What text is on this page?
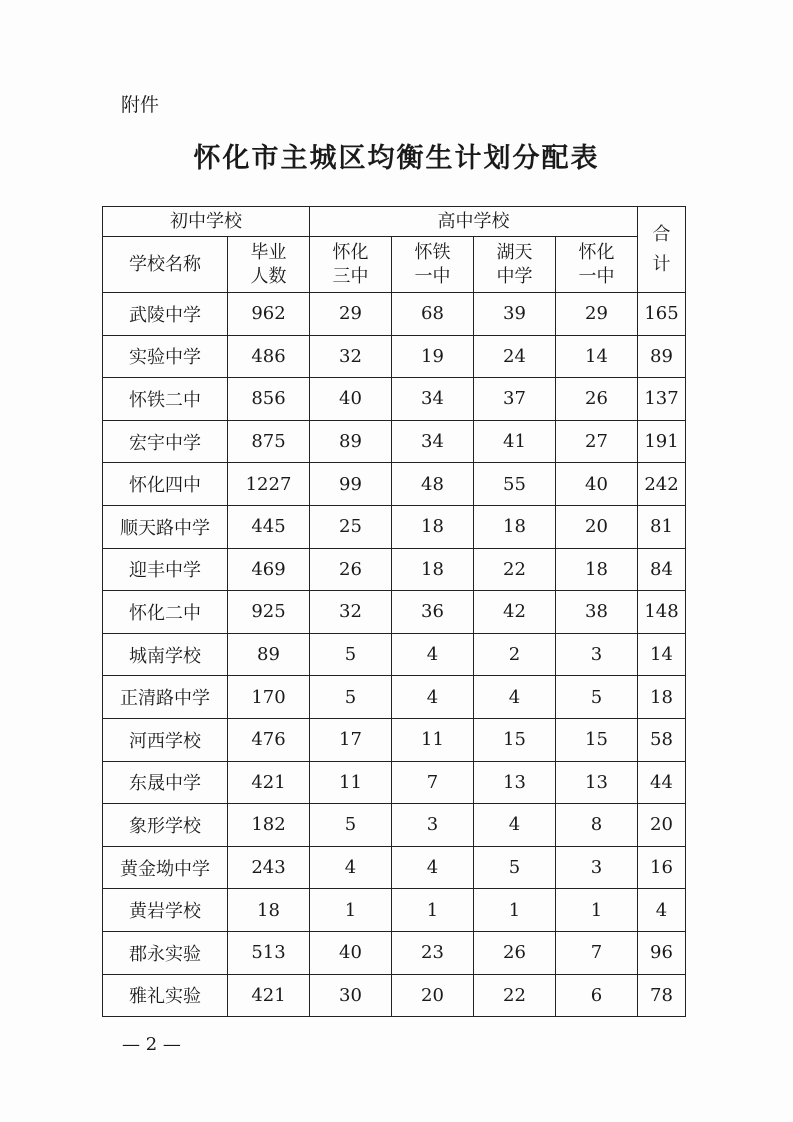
附件
怀化市主城区均衡生计划分配表
初中学校		高中学校				合计
学校名称	毕业人数	怀化三中	怀铁一中	湖天中学	怀化一中	
武陵中学	962	29	68	39	29	165
实验中学	486	32	19	24	14	89
怀铁二中	856	40	34	37	26	137
宏宇中学	875	89	34	41	27	191
怀化四中	1227	99	48	55	40	242
顺天路中学	445	25	18	18	20	81
迎丰中学	469	26	18	22	18	84
怀化二中	925	32	36	42	38	148
城南学校	89	5	4	2	3	14
正清路中学	170	5	4	4	5	18
河西学校	476	17	11	15	15	58
东晟中学	421	11	7	13	13	44
象形学校	182	5	3	4	8	20
黄金坳中学	243	4	4	5	3	16
黄岩学校	18	1	1	1	1	4
郡永实验	513	40	23	26	7	96
雅礼实验	421	30	20	22	6	78
— 2 —
